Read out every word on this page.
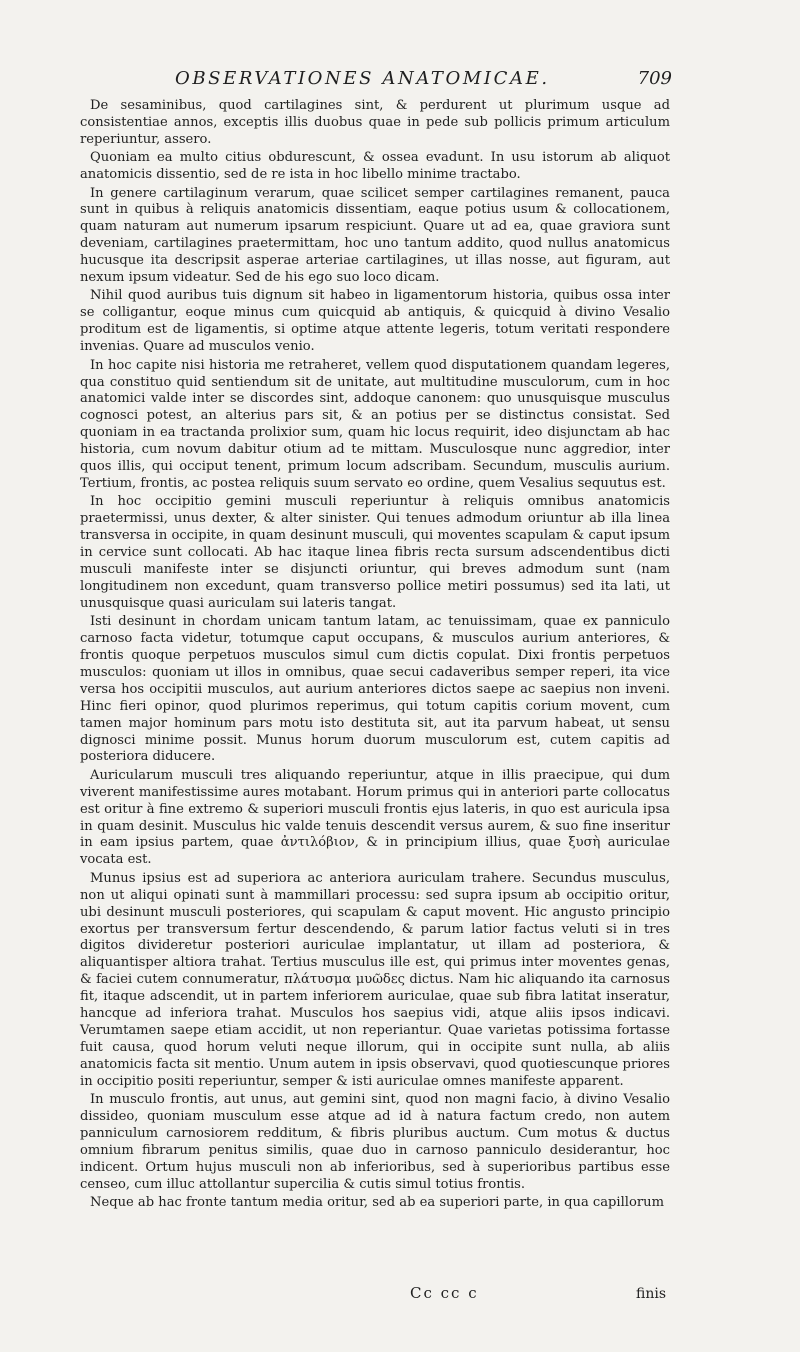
OBSERVATIONES ANATOMICAE.	709

De sesaminibus, quod cartilagines sint, & perdurent ut plurimum usque ad consistentiae annos, exceptis illis duobus quae in pede sub pollicis primum articulum reperiuntur, assero.

Quoniam ea multo citius obdurescunt, & ossea evadunt. In usu istorum ab aliquot anatomicis dissentio, sed de re ista in hoc libello minime tractabo.

In genere cartilaginum verarum, quae scilicet semper cartilagines remanent, pauca sunt in quibus à reliquis anatomicis dissentiam, eaque potius usum & collocationem, quam naturam aut numerum ipsarum respiciunt. Quare ut ad ea, quae graviora sunt deveniam, cartilagines praetermittam, hoc uno tantum addito, quod nullus anatomicus hucusque ita descripsit asperae arteriae cartilagines, ut illas nosse, aut figuram, aut nexum ipsum videatur. Sed de his ego suo loco dicam.

Nihil quod auribus tuis dignum sit habeo in ligamentorum historia, quibus ossa inter se colligantur, eoque minus cum quicquid ab antiquis, & quicquid à divino Vesalio proditum est de ligamentis, si optime atque attente legeris, totum veritati respondere invenias. Quare ad musculos venio.

In hoc capite nisi historia me retraheret, vellem quod disputationem quandam legeres, qua constituo quid sentiendum sit de unitate, aut multitudine musculorum, cum in hoc anatomici valde inter se discordes sint, addoque canonem: quo unusquisque musculus cognosci potest, an alterius pars sit, & an potius per se distinctus consistat. Sed quoniam in ea tractanda prolixior sum, quam hic locus requirit, ideo disjunctam ab hac historia, cum novum dabitur otium ad te mittam. Musculosque nunc aggredior, inter quos illis, qui occiput tenent, primum locum adscribam. Secundum, musculis aurium. Tertium, frontis, ac postea reliquis suum servato eo ordine, quem Vesalius sequutus est.

In hoc occipitio gemini musculi reperiuntur à reliquis omnibus anatomicis praetermissi, unus dexter, & alter sinister. Qui tenues admodum oriuntur ab illa linea transversa in occipite, in quam desinunt musculi, qui moventes scapulam & caput ipsum in cervice sunt collocati. Ab hac itaque linea fibris recta sursum adscendentibus dicti musculi manifeste inter se disjuncti oriuntur, qui breves admodum sunt (nam longitudinem non excedunt, quam transverso pollice metiri possumus) sed ita lati, ut unusquisque quasi auriculam sui lateris tangat.

Isti desinunt in chordam unicam tantum latam, ac tenuissimam, quae ex panniculo carnoso facta videtur, totumque caput occupans, & musculos aurium anteriores, & frontis quoque perpetuos musculos simul cum dictis copulat. Dixi frontis perpetuos musculos: quoniam ut illos in omnibus, quae secui cadaveribus semper reperi, ita vice versa hos occipitii musculos, aut aurium anteriores dictos saepe ac saepius non inveni. Hinc fieri opinor, quod plurimos reperimus, qui totum capitis corium movent, cum tamen major hominum pars motu isto destituta sit, aut ita parvum habeat, ut sensu dignosci minime possit. Munus horum duorum musculorum est, cutem capitis ad posteriora diducere.

Auricularum musculi tres aliquando reperiuntur, atque in illis praecipue, qui dum viverent manifestissime aures motabant. Horum primus qui in anteriori parte collocatus est oritur à fine extremo & superiori musculi frontis ejus lateris, in quo est auricula ipsa in quam desinit. Musculus hic valde tenuis descendit versus aurem, & suo fine inseritur in eam ipsius partem, quae ἀντιλόβιον, & in principium illius, quae ξυσὴ auriculae vocata est.

Munus ipsius est ad superiora ac anteriora auriculam trahere. Secundus musculus, non ut aliqui opinati sunt à mammillari processu: sed supra ipsum ab occipitio oritur, ubi desinunt musculi posteriores, qui scapulam & caput movent. Hic angusto principio exortus per transversum fertur descendendo, & parum latior factus veluti si in tres digitos divideretur posteriori auriculae implantatur, ut illam ad posteriora, & aliquantisper altiora trahat. Tertius musculus ille est, qui primus inter moventes genas, & faciei cutem connumeratur, πλάτυσμα μυῶδες dictus. Nam hic aliquando ita carnosus fit, itaque adscendit, ut in partem inferiorem auriculae, quae sub fibra latitat inseratur, hancque ad inferiora trahat. Musculos hos saepius vidi, atque aliis ipsos indicavi. Verumtamen saepe etiam accidit, ut non reperiantur. Quae varietas potissima fortasse fuit causa, quod horum veluti neque illorum, qui in occipite sunt nulla, ab aliis anatomicis facta sit mentio. Unum autem in ipsis observavi, quod quotiescunque priores in occipitio positi reperiuntur, semper & isti auriculae omnes manifeste apparent.

In musculo frontis, aut unus, aut gemini sint, quod non magni facio, à divino Vesalio dissideo, quoniam musculum esse atque ad id à natura factum credo, non autem panniculum carnosiorem redditum, & fibris pluribus auctum. Cum motus & ductus omnium fibrarum penitus similis, quae duo in carnoso panniculo desiderantur, hoc indicent. Ortum hujus musculi non ab inferioribus, sed à superioribus partibus esse censeo, cum illuc attollantur supercilia & cutis simul totius frontis.

Neque ab hac fronte tantum media oritur, sed ab ea superiori parte, in qua capillorum

Cc cc c	finis
